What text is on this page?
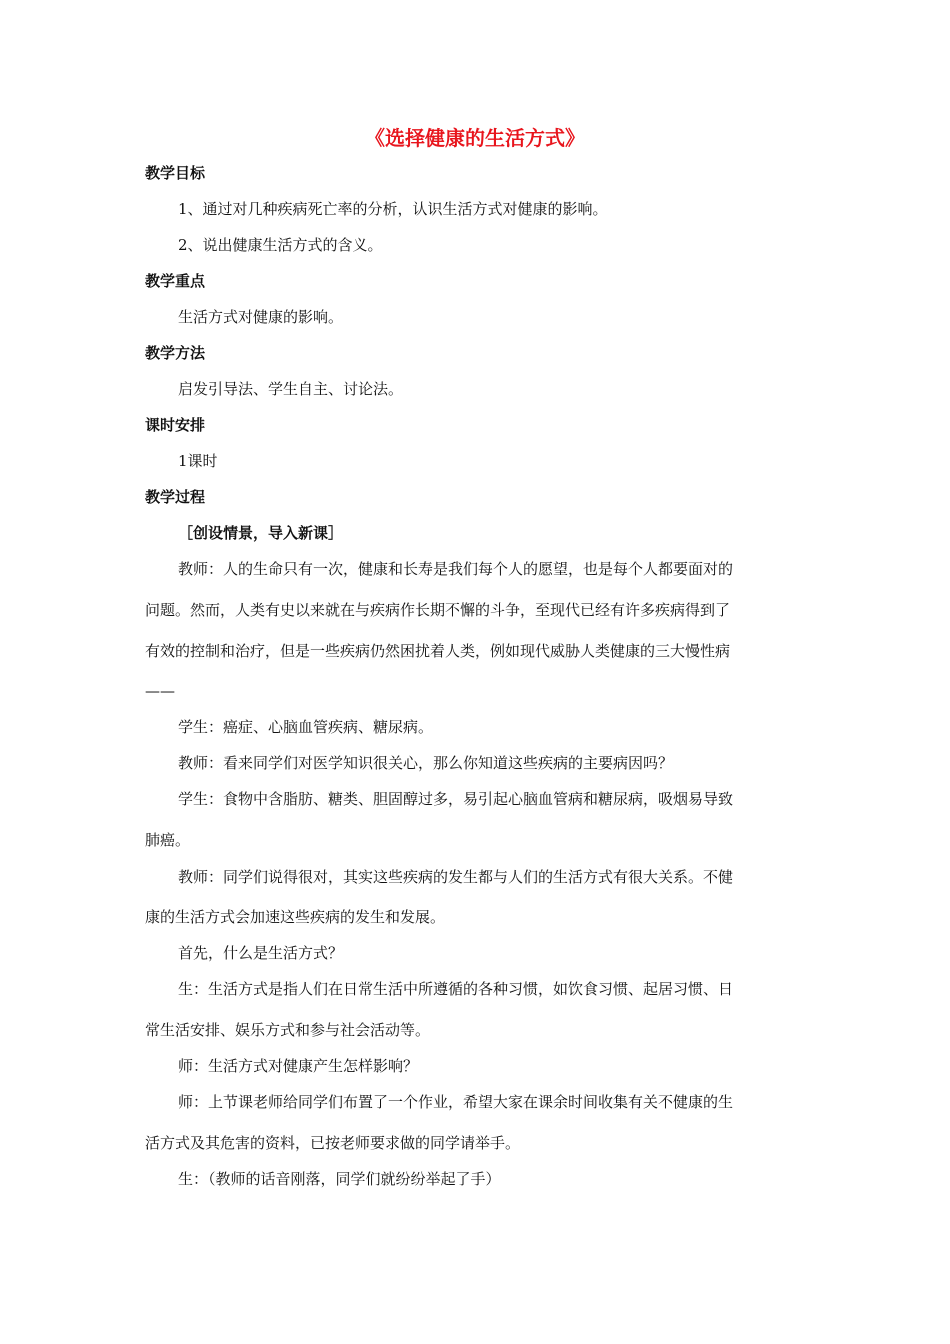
《选择健康的生活方式》
教学目标
1、通过对几种疾病死亡率的分析，认识生活方式对健康的影响。
2、说出健康生活方式的含义。
教学重点
生活方式对健康的影响。
教学方法
启发引导法、学生自主、讨论法。
课时安排
1课时
教学过程
［创设情景，导入新课］
教师：人的生命只有一次，健康和长寿是我们每个人的愿望，也是每个人都要面对的
问题。然而，人类有史以来就在与疾病作长期不懈的斗争，至现代已经有许多疾病得到了
有效的控制和治疗，但是一些疾病仍然困扰着人类，例如现代威胁人类健康的三大慢性病
——
学生：癌症、心脑血管疾病、糖尿病。
教师：看来同学们对医学知识很关心，那么你知道这些疾病的主要病因吗？
学生：食物中含脂肪、糖类、胆固醇过多，易引起心脑血管病和糖尿病，吸烟易导致
肺癌。
教师：同学们说得很对，其实这些疾病的发生都与人们的生活方式有很大关系。不健
康的生活方式会加速这些疾病的发生和发展。
首先，什么是生活方式？
生：生活方式是指人们在日常生活中所遵循的各种习惯，如饮食习惯、起居习惯、日
常生活安排、娱乐方式和参与社会活动等。
师：生活方式对健康产生怎样影响？
师：上节课老师给同学们布置了一个作业，希望大家在课余时间收集有关不健康的生
活方式及其危害的资料，已按老师要求做的同学请举手。
生：（教师的话音刚落，同学们就纷纷举起了手）
